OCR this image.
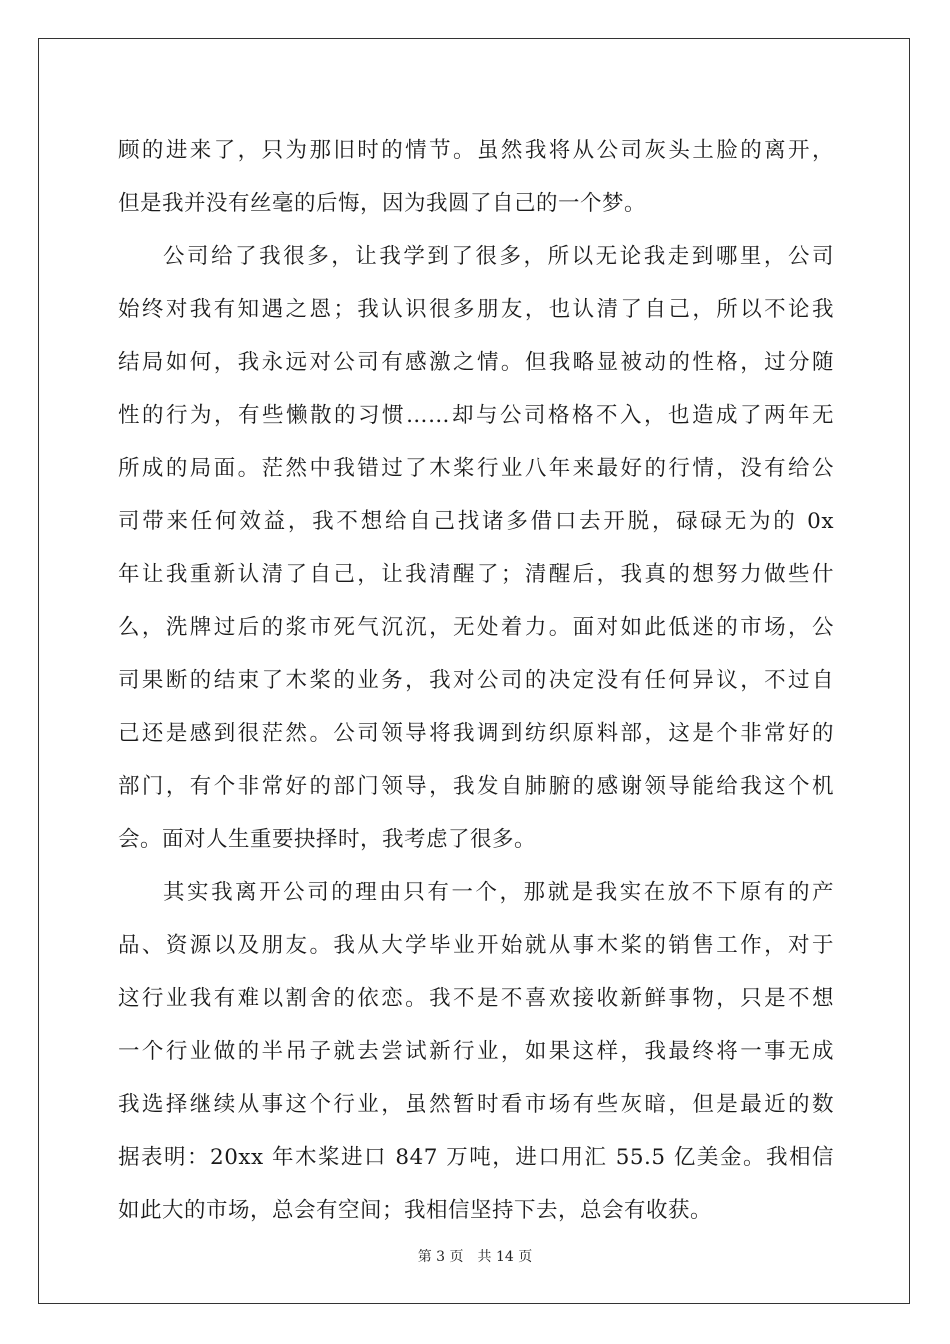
顾的进来了，只为那旧时的情节。虽然我将从公司灰头土脸的离开，
但是我并没有丝毫的后悔，因为我圆了自己的一个梦。
公司给了我很多，让我学到了很多，所以无论我走到哪里，公司
始终对我有知遇之恩；我认识很多朋友，也认清了自己，所以不论我
结局如何，我永远对公司有感激之情。但我略显被动的性格，过分随
性的行为，有些懒散的习惯……却与公司格格不入，也造成了两年无
所成的局面。茫然中我错过了木桨行业八年来最好的行情，没有给公
司带来任何效益，我不想给自己找诸多借口去开脱，碌碌无为的 0x
年让我重新认清了自己，让我清醒了；清醒后，我真的想努力做些什
么，洗牌过后的浆市死气沉沉，无处着力。面对如此低迷的市场，公
司果断的结束了木桨的业务，我对公司的决定没有任何异议，不过自
己还是感到很茫然。公司领导将我调到纺织原料部，这是个非常好的
部门，有个非常好的部门领导，我发自肺腑的感谢领导能给我这个机
会。面对人生重要抉择时，我考虑了很多。
其实我离开公司的理由只有一个，那就是我实在放不下原有的产
品、资源以及朋友。我从大学毕业开始就从事木桨的销售工作，对于
这行业我有难以割舍的依恋。我不是不喜欢接收新鲜事物，只是不想
一个行业做的半吊子就去尝试新行业，如果这样，我最终将一事无成
我选择继续从事这个行业，虽然暂时看市场有些灰暗，但是最近的数
据表明：20xx 年木桨进口 847 万吨，进口用汇 55.5 亿美金。我相信
如此大的市场，总会有空间；我相信坚持下去，总会有收获。
第 3 页 共 14 页
